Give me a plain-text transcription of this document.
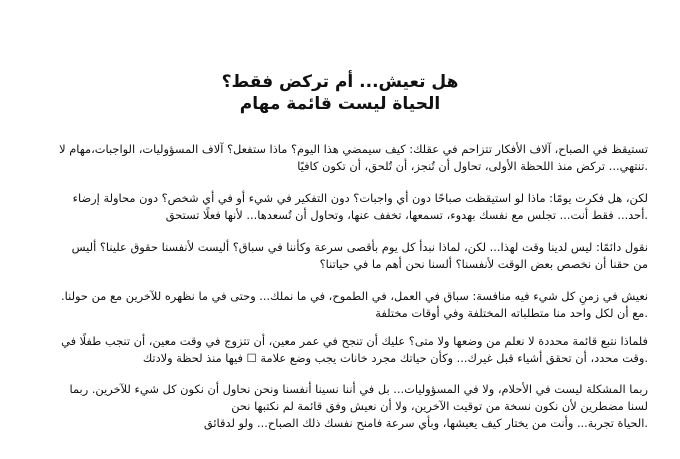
هل تعيش... أم تركض فقط؟
الحياة ليست قائمة مهام
تستيقظ في الصباح، آلاف الأفكار تتزاحم في عقلك: كيف سيمضي هذا اليوم؟ ماذا ستفعل؟ آلاف المسؤوليات، الواجبات،مهام لا
.تنتهي... تركض منذ اللحظة الأولى، تحاول أن تُنجز، أن تُلحق، أن تكون كافيًا
لكن، هل فكرت يومًا: ماذا لو استيقظت صباحًا دون أي واجبات؟ دون التفكير في شيء أو في أي شخص؟ دون محاولة إرضاء
.أحد... فقط أنت... تجلس مع نفسك بهدوء، تسمعها، تخفف عنها، وتحاول أن تُسعدها... لأنها فعلًا تستحق
نقول دائمًا: ليس لدينا وقت لهذا... لكن، لماذا نبدأ كل يوم بأقصى سرعة وكأننا في سباق؟ أليست لأنفسنا حقوق علينا؟ أليس
من حقنا أن نخصص بعض الوقت لأنفسنا؟ ألسنا نحن أهم ما في حياتنا؟
نعيش في زمنٍ كل شيء فيه منافسة: سباق في العمل، في الطموح، في ما نملك... وحتى في ما نظهره للآخرين مع من حولنا.
.مع أن لكل واحد منا متطلباته المختلفة وفي أوقات مختلفة
فلماذا نتبع قائمة محددة لا نعلم من وضعها ولا متى؟ عليك أن تنجح في عمر معين، أن تتزوج في وقت معين، أن تنجب طفلًا في
.وقت محدد، أن تحقق أشياء قبل غيرك... وكأن حياتك مجرد خانات يجب وضع علامة ☐ فيها منذ لحظة ولادتك
ربما المشكلة ليست في الأحلام، ولا في المسؤوليات... بل في أننا نسينا أنفسنا ونحن نحاول أن نكون كل شيء للآخرين. ربما
لسنا مضطرين لأن نكون نسخة من توقيت الآخرين، ولا أن نعيش وفق قائمة لم نكتبها نحن
.الحياة تجربة... وأنت من يختار كيف يعيشها، وبأي سرعة فامنح نفسك ذلك الصباح... ولو لدقائق
